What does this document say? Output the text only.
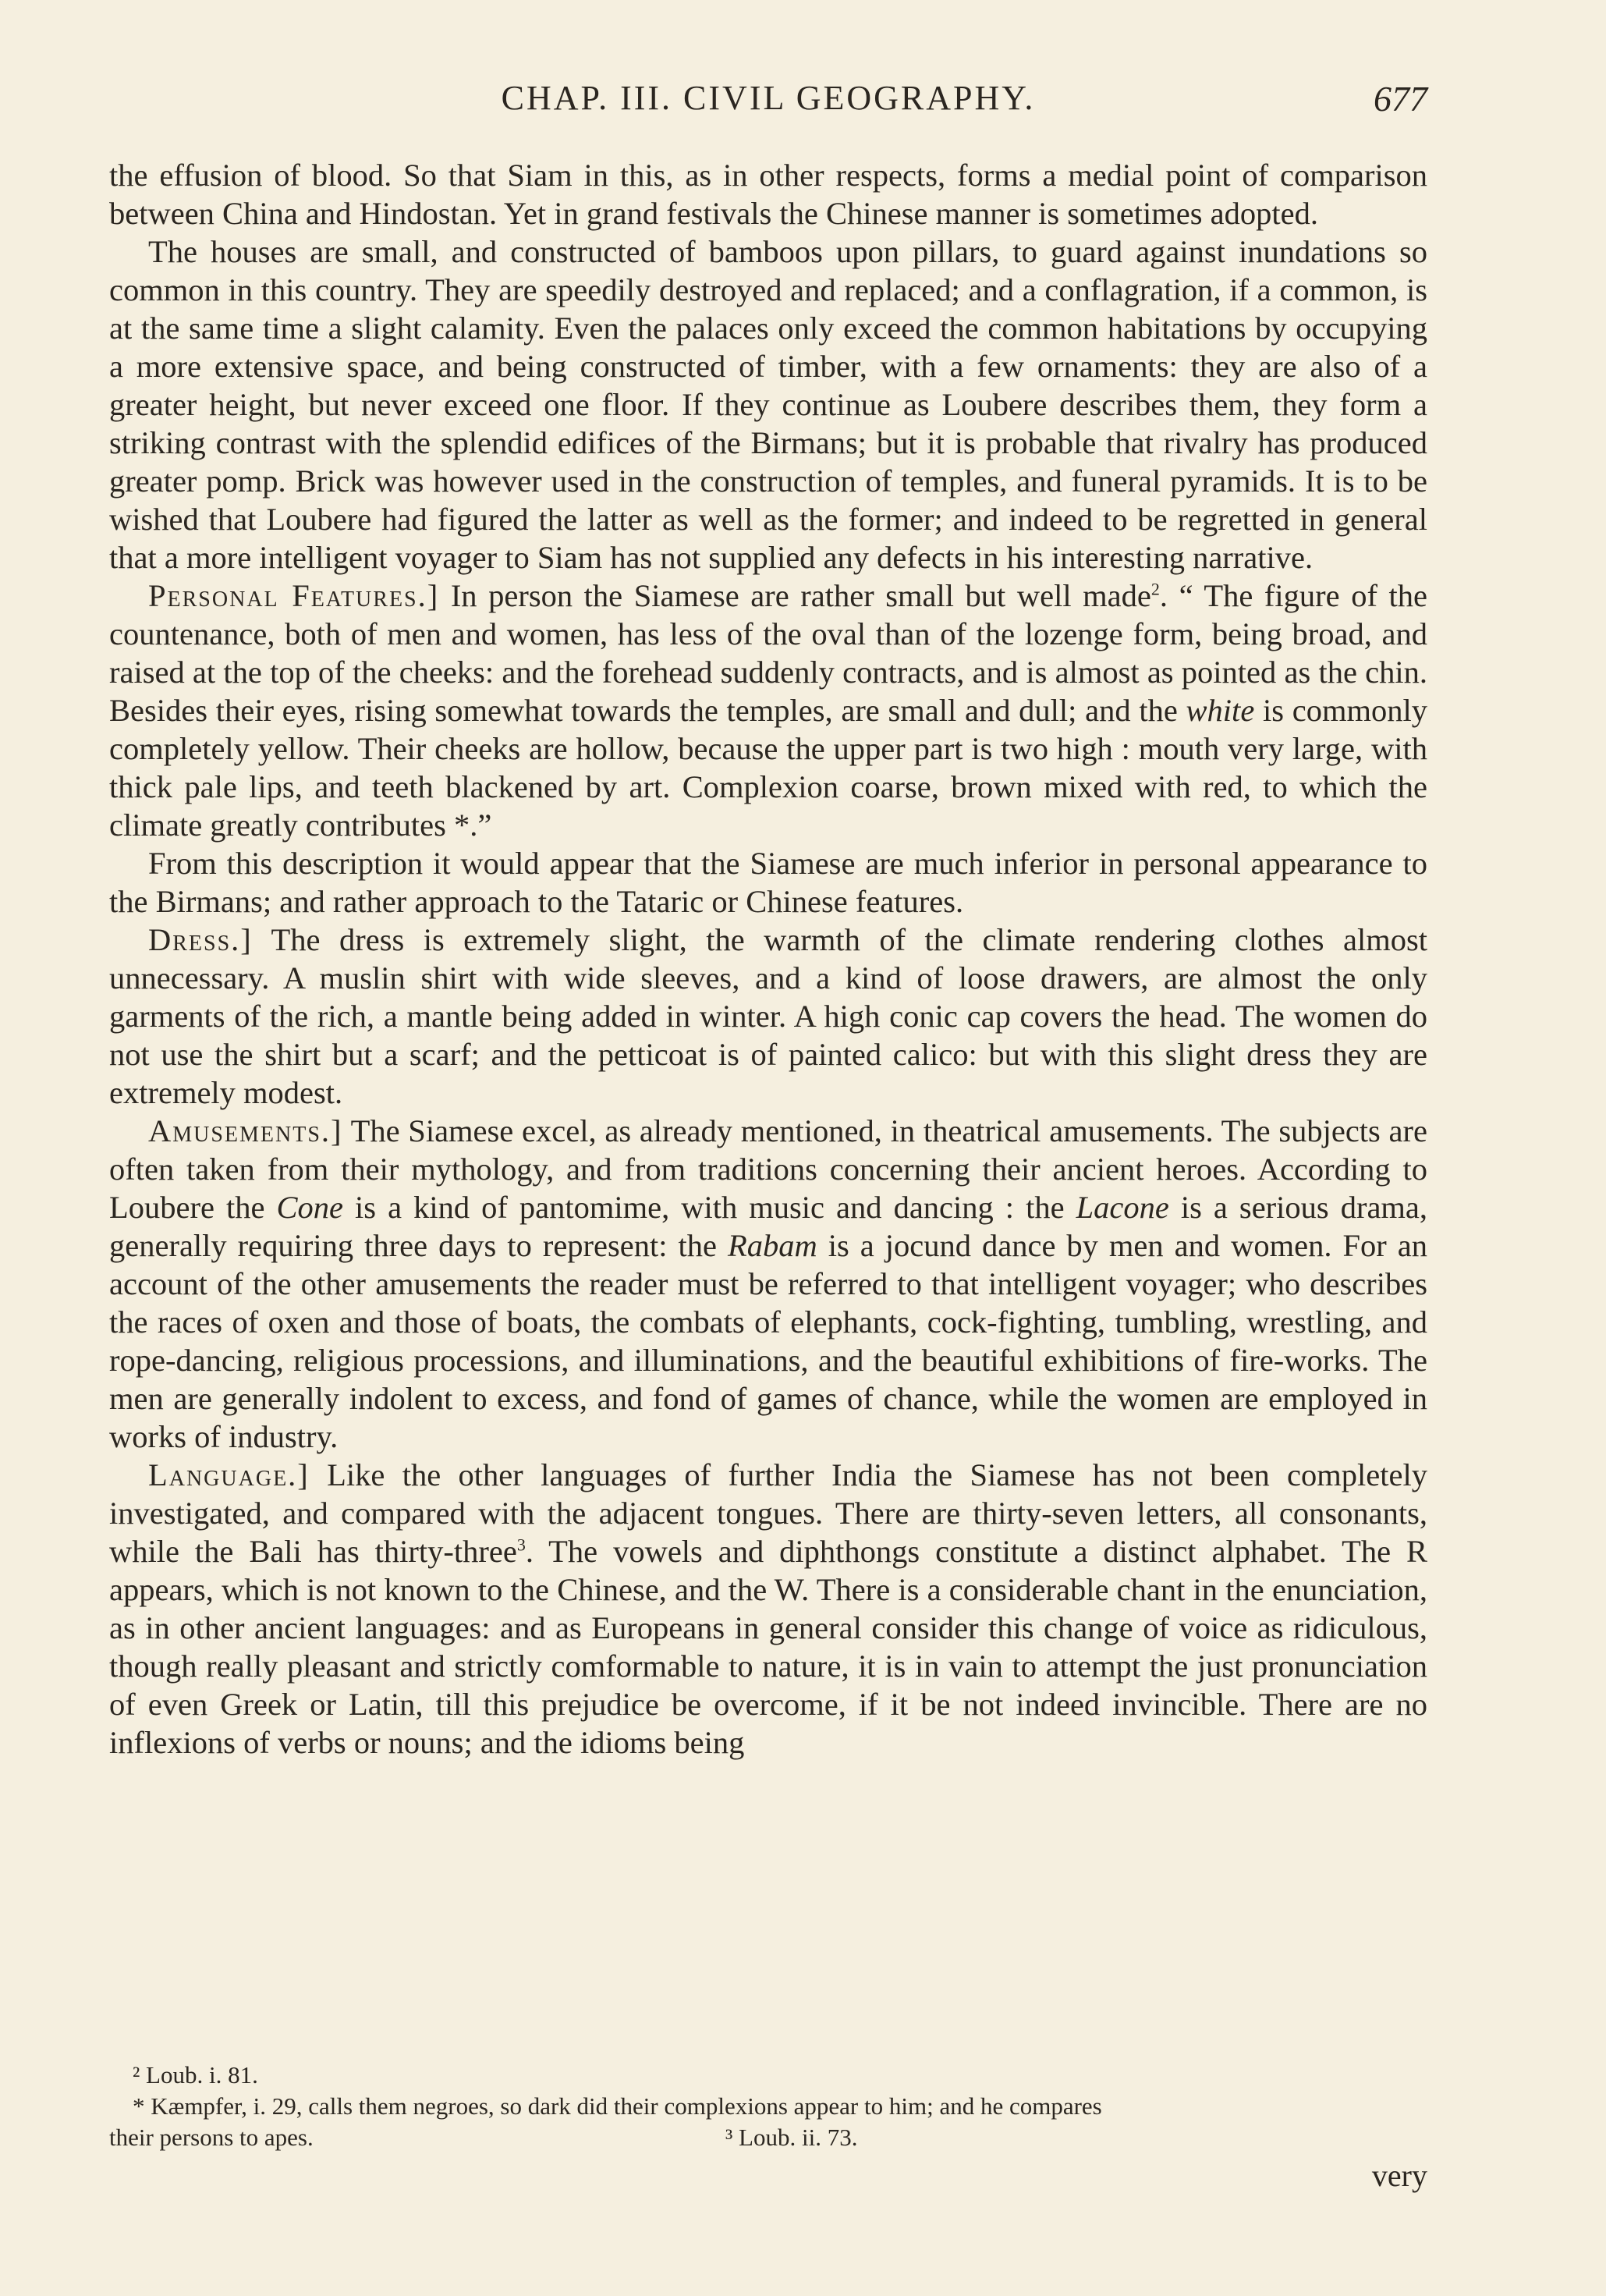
CHAP. III. CIVIL GEOGRAPHY.	677

the effusion of blood. So that Siam in this, as in other respects, forms a medial point of comparison between China and Hindostan. Yet in grand festivals the Chinese manner is sometimes adopted.

The houses are small, and constructed of bamboos upon pillars, to guard against inundations so common in this country. They are speedily destroyed and replaced; and a conflagration, if a common, is at the same time a slight calamity. Even the palaces only exceed the common habitations by occupying a more extensive space, and being constructed of timber, with a few ornaments: they are also of a greater height, but never exceed one floor. If they continue as Loubere describes them, they form a striking contrast with the splendid edifices of the Birmans; but it is probable that rivalry has produced greater pomp. Brick was however used in the construction of temples, and funeral pyramids. It is to be wished that Loubere had figured the latter as well as the former; and indeed to be regretted in general that a more intelligent voyager to Siam has not supplied any defects in his interesting narrative.

Personal Features.] In person the Siamese are rather small but well made$^2$. “ The figure of the countenance, both of men and women, has less of the oval than of the lozenge form, being broad, and raised at the top of the cheeks: and the forehead suddenly contracts, and is almost as pointed as the chin. Besides their eyes, rising somewhat towards the temples, are small and dull; and the white is commonly completely yellow. Their cheeks are hollow, because the upper part is two high : mouth very large, with thick pale lips, and teeth blackened by art. Complexion coarse, brown mixed with red, to which the climate greatly contributes *.”

From this description it would appear that the Siamese are much inferior in personal appearance to the Birmans; and rather approach to the Tataric or Chinese features.

Dress.] The dress is extremely slight, the warmth of the climate rendering clothes almost unnecessary. A muslin shirt with wide sleeves, and a kind of loose drawers, are almost the only garments of the rich, a mantle being added in winter. A high conic cap covers the head. The women do not use the shirt but a scarf; and the petticoat is of painted calico: but with this slight dress they are extremely modest.

Amusements.] The Siamese excel, as already mentioned, in theatrical amusements. The subjects are often taken from their mythology, and from traditions concerning their ancient heroes. According to Loubere the Cone is a kind of pantomime, with music and dancing : the Lacone is a serious drama, generally requiring three days to represent: the Rabam is a jocund dance by men and women. For an account of the other amusements the reader must be referred to that intelligent voyager; who describes the races of oxen and those of boats, the combats of elephants, cock-fighting, tumbling, wrestling, and rope-dancing, religious processions, and illuminations, and the beautiful exhibitions of fire-works. The men are generally indolent to excess, and fond of games of chance, while the women are employed in works of industry.

Language.] Like the other languages of further India the Siamese has not been completely investigated, and compared with the adjacent tongues. There are thirty-seven letters, all consonants, while the Bali has thirty-three$^3$. The vowels and diphthongs constitute a distinct alphabet. The R appears, which is not known to the Chinese, and the W. There is a considerable chant in the enunciation, as in other ancient languages: and as Europeans in general consider this change of voice as ridiculous, though really pleasant and strictly comformable to nature, it is in vain to attempt the just pronunciation of even Greek or Latin, till this prejudice be overcome, if it be not indeed invincible. There are no inflexions of verbs or nouns; and the idioms being

² Loub. i. 81.

* Kæmpfer, i. 29, calls them negroes, so dark did their complexions appear to him; and he compares

their persons to apes.	³ Loub. ii. 73.
very
